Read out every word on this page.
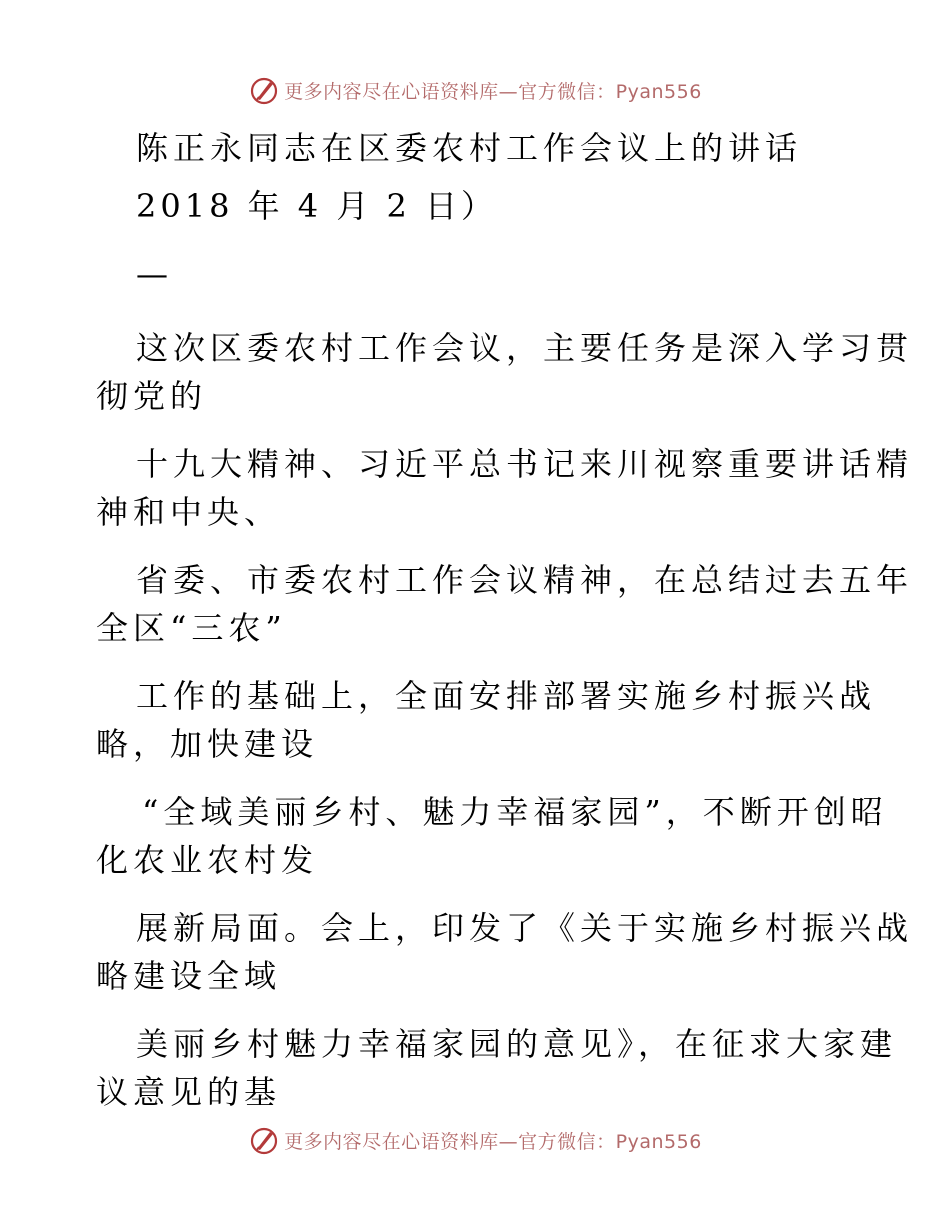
更多内容尽在心语资料库—官方微信：Pyan556
陈正永同志在区委农村工作会议上的讲话
2018 年 4 月 2 日）
—
这次区委农村工作会议，主要任务是深入学习贯
彻党的
十九大精神、习近平总书记来川视察重要讲话精
神和中央、
省委、市委农村工作会议精神，在总结过去五年
全区“三农”
工作的基础上，全面安排部署实施乡村振兴战
略，加快建设
“全域美丽乡村、魅力幸福家园”，不断开创昭
化农业农村发
展新局面。会上，印发了《关于实施乡村振兴战
略建设全域
美丽乡村魅力幸福家园的意见》，在征求大家建
议意见的基
更多内容尽在心语资料库—官方微信：Pyan556
